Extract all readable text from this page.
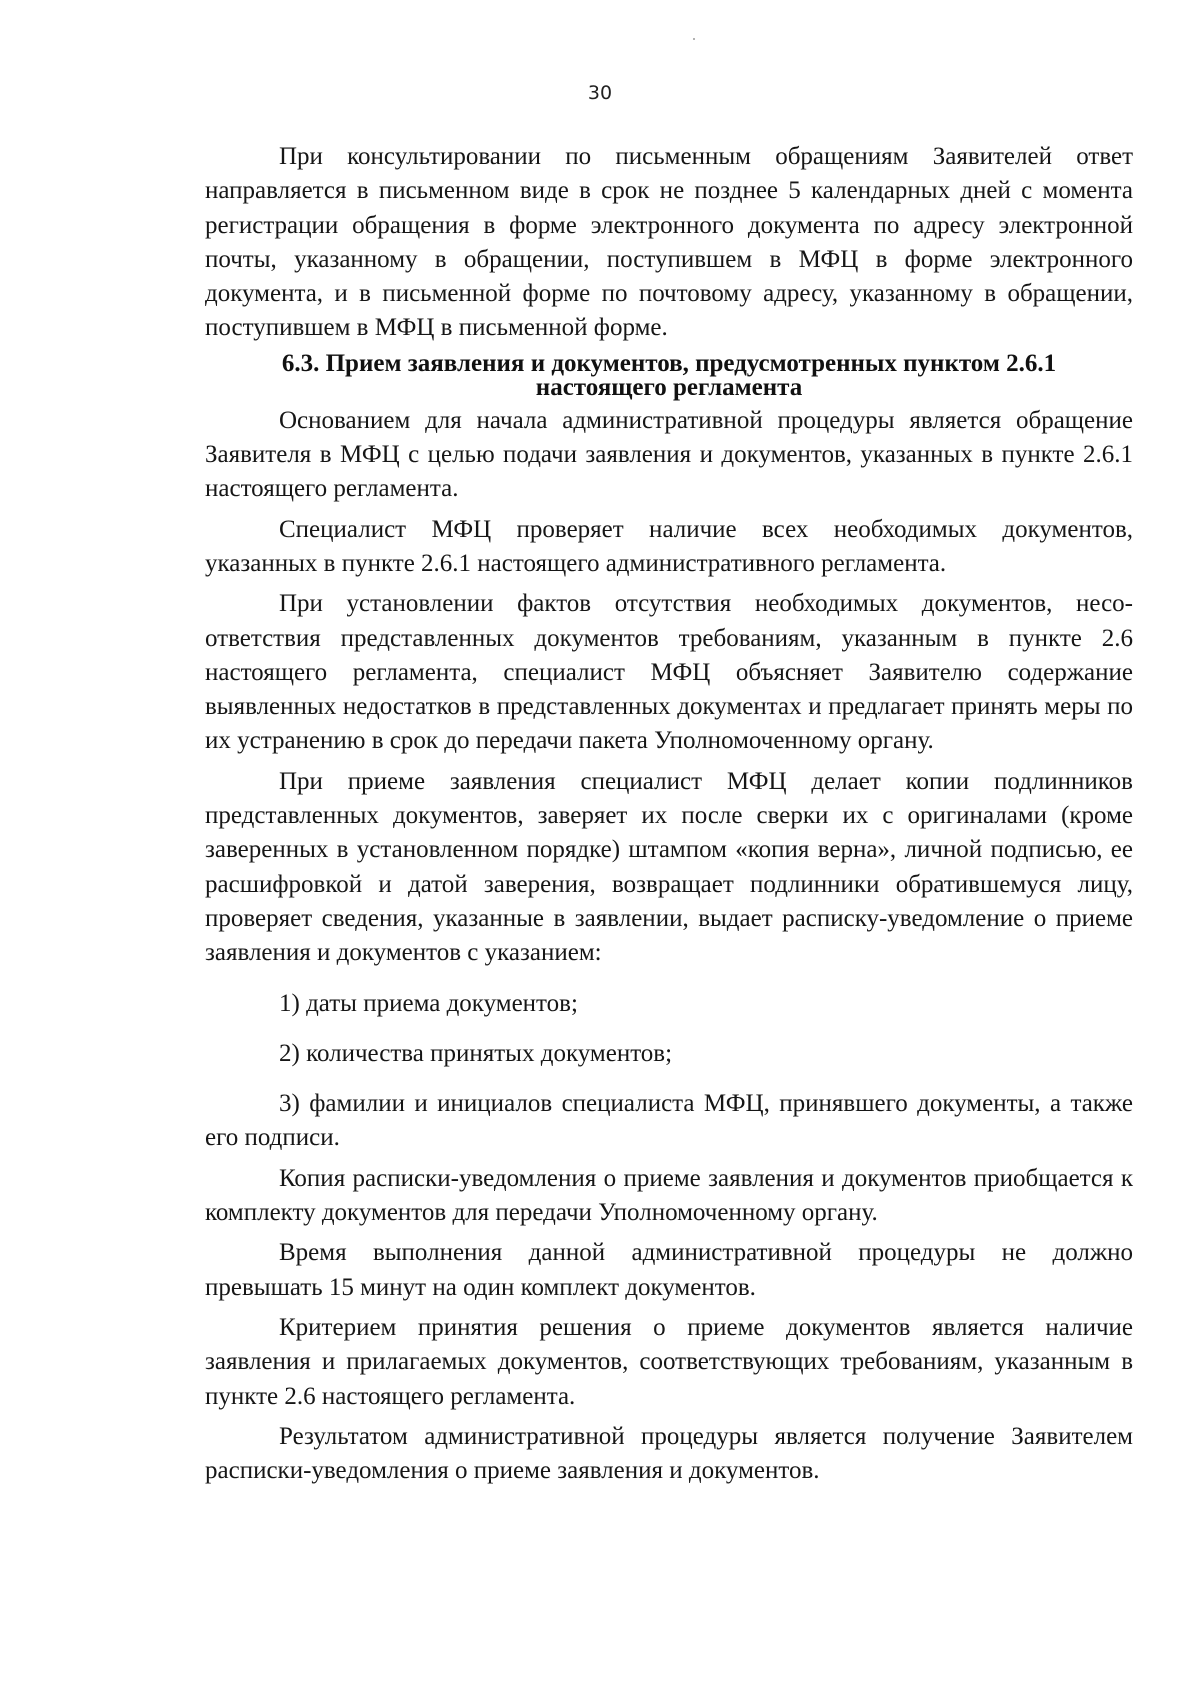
30

При консультировании по письменным обращениям Заявителей ответ направляется в письменном виде в срок не позднее 5 календарных дней с момента регистрации обращения в форме электронного документа по адресу электронной почты, указанному в обращении, поступившем в МФЦ в форме электронного документа, и в письменной форме по почтовому адресу, указанному в обращении, поступившем в МФЦ в письменной форме.

6.3. Прием заявления и документов, предусмотренных пунктом 2.6.1 настоящего регламента

Основанием для начала административной процедуры является обращение Заявителя в МФЦ с целью подачи заявления и документов, указанных в пункте 2.6.1 настоящего регламента.

Специалист МФЦ проверяет наличие всех необходимых документов, указанных в пункте 2.6.1 настоящего административного регламента.

При установлении фактов отсутствия необходимых документов, несоответствия представленных документов требованиям, указанным в пункте 2.6 настоящего регламента, специалист МФЦ объясняет Заявителю содержание выявленных недостатков в представленных документах и предлагает принять меры по их устранению в срок до передачи пакета Уполномоченному органу.

При приеме заявления специалист МФЦ делает копии подлинников представленных документов, заверяет их после сверки их с оригиналами (кроме заверенных в установленном порядке) штампом «копия верна», личной подписью, ее расшифровкой и датой заверения, возвращает подлинники обратившемуся лицу, проверяет сведения, указанные в заявлении, выдает расписку-уведомление о приеме заявления и документов с указанием:

1) даты приема документов;

2) количества принятых документов;

3) фамилии и инициалов специалиста МФЦ, принявшего документы, а также его подписи.

Копия расписки-уведомления о приеме заявления и документов приобщается к комплекту документов для передачи Уполномоченному органу.

Время выполнения данной административной процедуры не должно превышать 15 минут на один комплект документов.

Критерием принятия решения о приеме документов является наличие заявления и прилагаемых документов, соответствующих требованиям, указанным в пункте 2.6 настоящего регламента.

Результатом административной процедуры является получение Заявителем расписки-уведомления о приеме заявления и документов.
